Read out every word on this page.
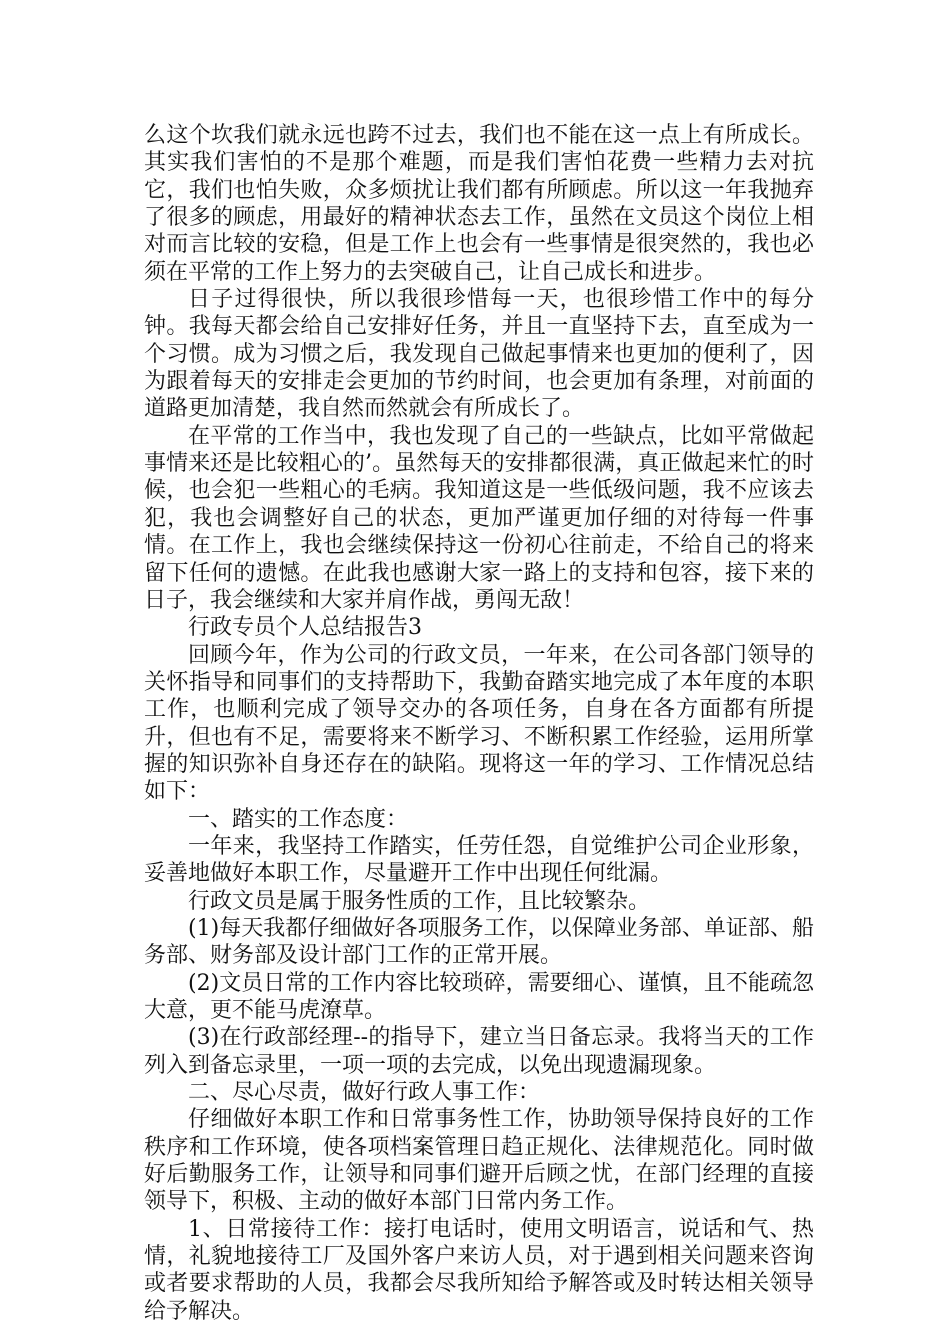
么这个坎我们就永远也跨不过去，我们也不能在这一点上有所成长。其实我们害怕的不是那个难题，而是我们害怕花费一些精力去对抗它，我们也怕失败，众多烦扰让我们都有所顾虑。所以这一年我抛弃了很多的顾虑，用最好的精神状态去工作，虽然在文员这个岗位上相对而言比较的安稳，但是工作上也会有一些事情是很突然的，我也必须在平常的工作上努力的去突破自己，让自己成长和进步。

日子过得很快，所以我很珍惜每一天，也很珍惜工作中的每分钟。我每天都会给自己安排好任务，并且一直坚持下去，直至成为一个习惯。成为习惯之后，我发现自己做起事情来也更加的便利了，因为跟着每天的安排走会更加的节约时间，也会更加有条理，对前面的道路更加清楚，我自然而然就会有所成长了。

在平常的工作当中，我也发现了自己的一些缺点，比如平常做起事情来还是比较粗心的’。虽然每天的安排都很满，真正做起来忙的时候，也会犯一些粗心的毛病。我知道这是一些低级问题，我不应该去犯，我也会调整好自己的状态，更加严谨更加仔细的对待每一件事情。在工作上，我也会继续保持这一份初心往前走，不给自己的将来留下任何的遗憾。在此我也感谢大家一路上的支持和包容，接下来的日子，我会继续和大家并肩作战，勇闯无敌！

行政专员个人总结报告3

回顾今年，作为公司的行政文员，一年来，在公司各部门领导的关怀指导和同事们的支持帮助下，我勤奋踏实地完成了本年度的本职工作，也顺利完成了领导交办的各项任务，自身在各方面都有所提升，但也有不足，需要将来不断学习、不断积累工作经验，运用所掌握的知识弥补自身还存在的缺陷。现将这一年的学习、工作情况总结如下：

一、踏实的工作态度：

一年来，我坚持工作踏实，任劳任怨，自觉维护公司企业形象，妥善地做好本职工作，尽量避开工作中出现任何纰漏。

行政文员是属于服务性质的工作，且比较繁杂。

(1)每天我都仔细做好各项服务工作，以保障业务部、单证部、船务部、财务部及设计部门工作的正常开展。

(2)文员日常的工作内容比较琐碎，需要细心、谨慎，且不能疏忽大意，更不能马虎潦草。

(3)在行政部经理--的指导下，建立当日备忘录。我将当天的工作列入到备忘录里，一项一项的去完成，以免出现遗漏现象。

二、尽心尽责，做好行政人事工作：

仔细做好本职工作和日常事务性工作，协助领导保持良好的工作秩序和工作环境，使各项档案管理日趋正规化、法律规范化。同时做好后勤服务工作，让领导和同事们避开后顾之忧，在部门经理的直接领导下，积极、主动的做好本部门日常内务工作。

1、日常接待工作：接打电话时，使用文明语言，说话和气、热情，礼貌地接待工厂及国外客户来访人员，对于遇到相关问题来咨询或者要求帮助的人员，我都会尽我所知给予解答或及时转达相关领导给予解决。
